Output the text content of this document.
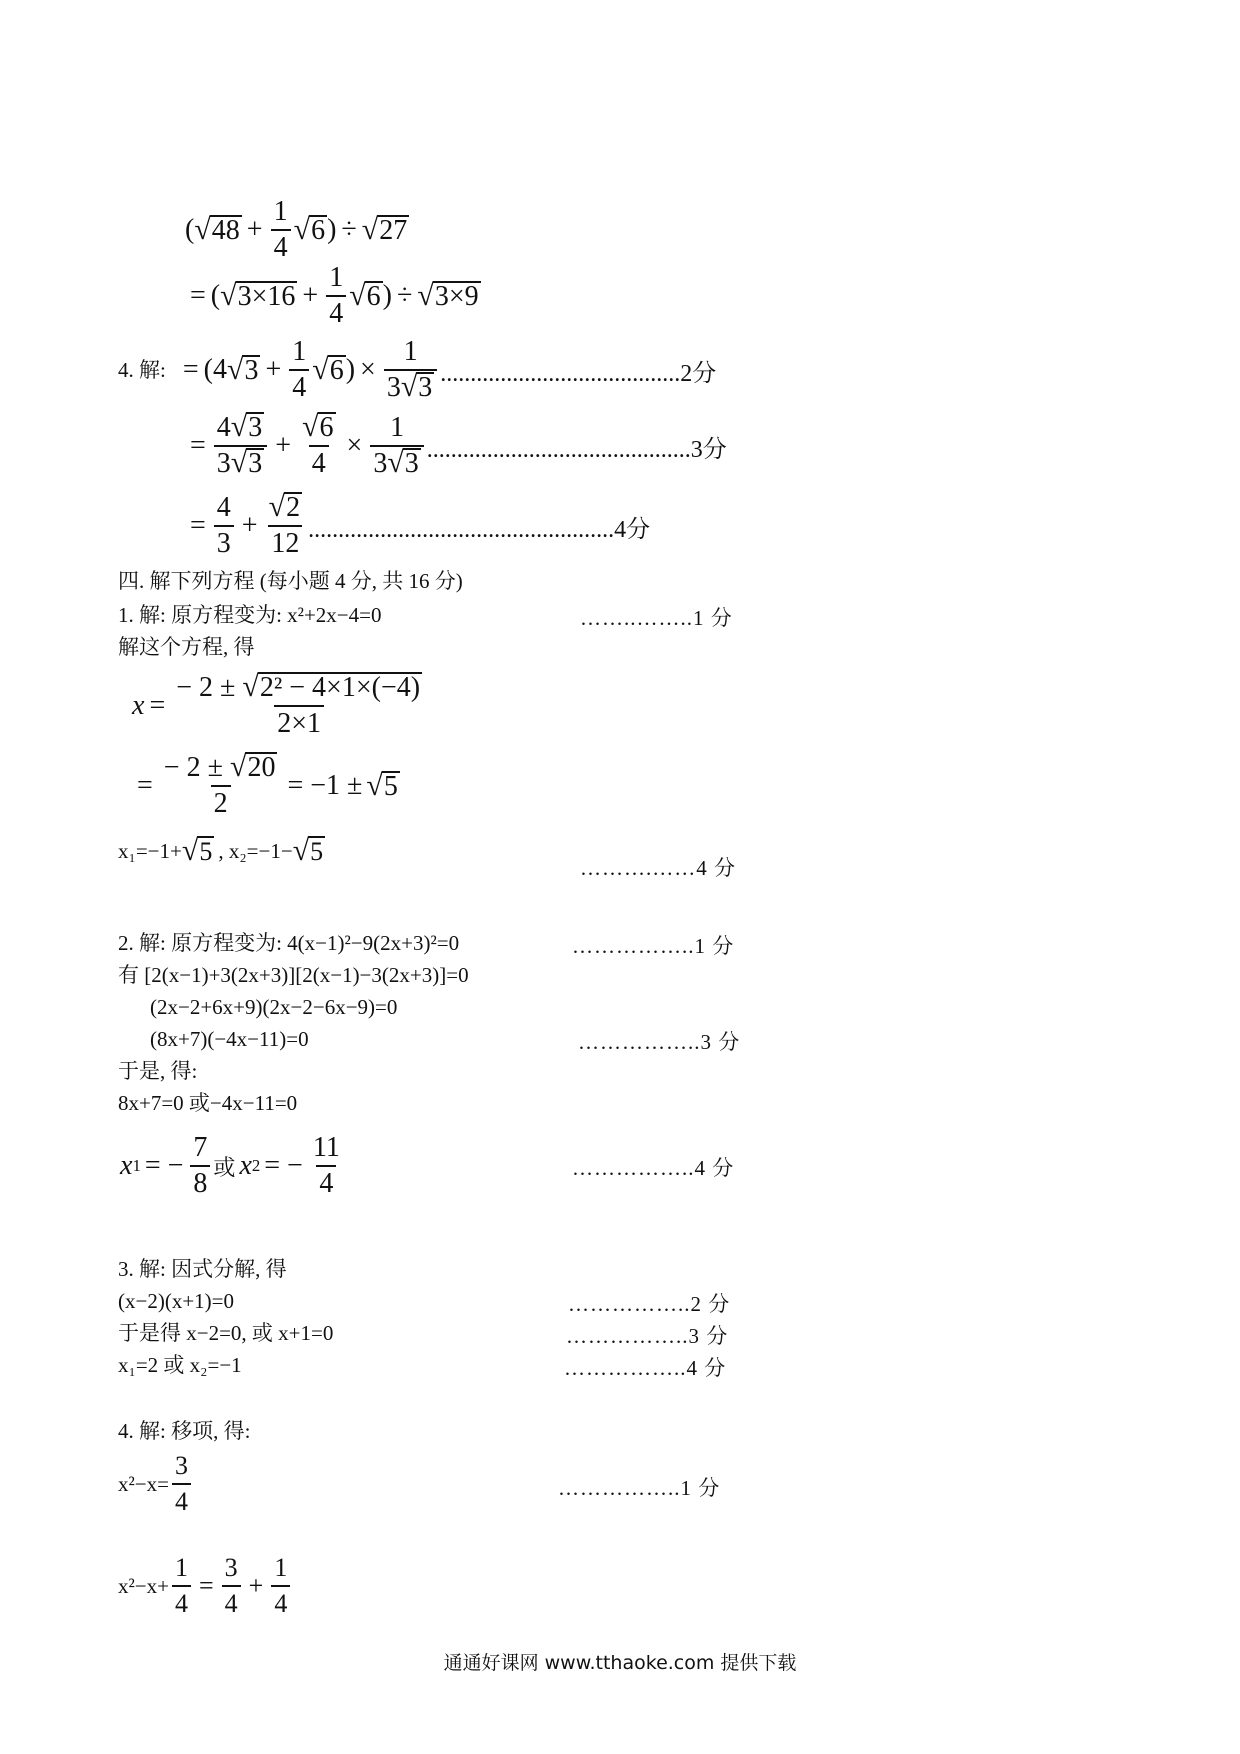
( √ $48 + \frac{1}{4}$ √ 6 ) ÷ √ 27
= ( √ $3\times 16 + \frac{1}{4}$ √ 6 ) ÷ √ 3×9
4. 解: = ( 4 √ $3 + \frac{1}{4}$ √ 6 ) × $\frac{1}{3 √ 3} ........................................2$分
= $\frac{4 √ 3}{3 √ 3} + \frac{√ 6}{4} \times \frac{1}{3 √ 3} ............................................3$分
= $\frac{4}{3} + \frac{√ 2}{12} ...................................................4$分
四. 解下列方程 (每小题 4 分, 共 16 分)
1. 解: 原方程变为: x²+2x−4=0	……..……..1 分
解这个方程, 得
$x = \frac{\text{− 2 ± √ 2² − 4×1×(−4)}}{2\times 1}$
= $\frac{- 2 \pm √ 20}{2} = -1$ ± √ 5
x₁=−1+ √ 5 , x₂=−1− √ 5
……….……4 分
2. 解: 原方程变为: 4(x−1)²−9(2x+3)²=0	……………..1 分
有 [2(x−1)+3(2x+3)][2(x−1)−3(2x+3)]=0
(2x−2+6x+9)(2x−2−6x−9)=0
(8x+7)(−4x−11)=0	……………..3 分
于是, 得:
8x+7=0 或−4x−11=0
x 1 = − $\frac{7}{8}$ 或 x 2 = − $\frac{11}{4}$	……………..4 分
3. 解: 因式分解, 得
(x−2)(x+1)=0	……………..2 分
于是得 x−2=0, 或 x+1=0	……………..3 分
x₁=2 或 x₂=−1	……………..4 分
4. 解: 移项, 得:
$x^2-x= \frac{3}{4}$	……………..1 分
$x^2-x+ \frac{1}{4} = \frac{3}{4} + \frac{1}{4}$
通通好课网 www.tthaoke.com 提供下载
